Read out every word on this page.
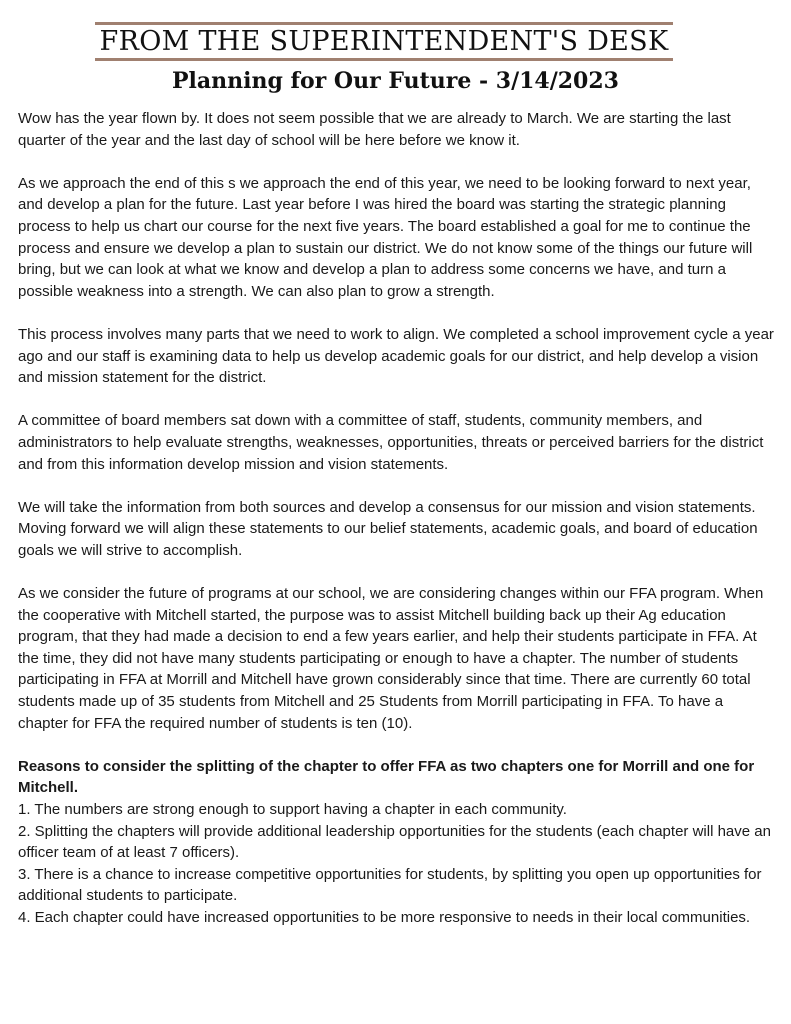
FROM THE SUPERINTENDENT'S DESK
Planning for Our Future - 3/14/2023

Wow has the year flown by. It does not seem possible that we are already to March. We are starting the last quarter of the year and the last day of school will be here before we know it.

As we approach the end of this s we approach the end of this year, we need to be looking forward to next year, and develop a plan for the future. Last year before I was hired the board was starting the strategic planning process to help us chart our course for the next five years. The board established a goal for me to continue the process and ensure we develop a plan to sustain our district. We do not know some of the things our future will bring, but we can look at what we know and develop a plan to address some concerns we have, and turn a possible weakness into a strength. We can also plan to grow a strength.

This process involves many parts that we need to work to align. We completed a school improvement cycle a year ago and our staff is examining data to help us develop academic goals for our district, and help develop a vision and mission statement for the district.

A committee of board members sat down with a committee of staff, students, community members, and administrators to help evaluate strengths, weaknesses, opportunities, threats or perceived barriers for the district and from this information develop mission and vision statements.

We will take the information from both sources and develop a consensus for our mission and vision statements. Moving forward we will align these statements to our belief statements, academic goals, and board of education goals we will strive to accomplish.

As we consider the future of programs at our school, we are considering changes within our FFA program. When the cooperative with Mitchell started, the purpose was to assist Mitchell building back up their Ag education program, that they had made a decision to end a few years earlier, and help their students participate in FFA. At the time, they did not have many students participating or enough to have a chapter. The number of students participating in FFA at Morrill and Mitchell have grown considerably since that time. There are currently 60 total students made up of 35 students from Mitchell and 25 Students from Morrill participating in FFA. To have a chapter for FFA the required number of students is ten (10).

Reasons to consider the splitting of the chapter to offer FFA as two chapters one for Morrill and one for Mitchell.

1. The numbers are strong enough to support having a chapter in each community.
2. Splitting the chapters will provide additional leadership opportunities for the students (each chapter will have an officer team of at least 7 officers).
3. There is a chance to increase competitive opportunities for students, by splitting you open up opportunities for additional students to participate.
4. Each chapter could have increased opportunities to be more responsive to needs in their local communities.
